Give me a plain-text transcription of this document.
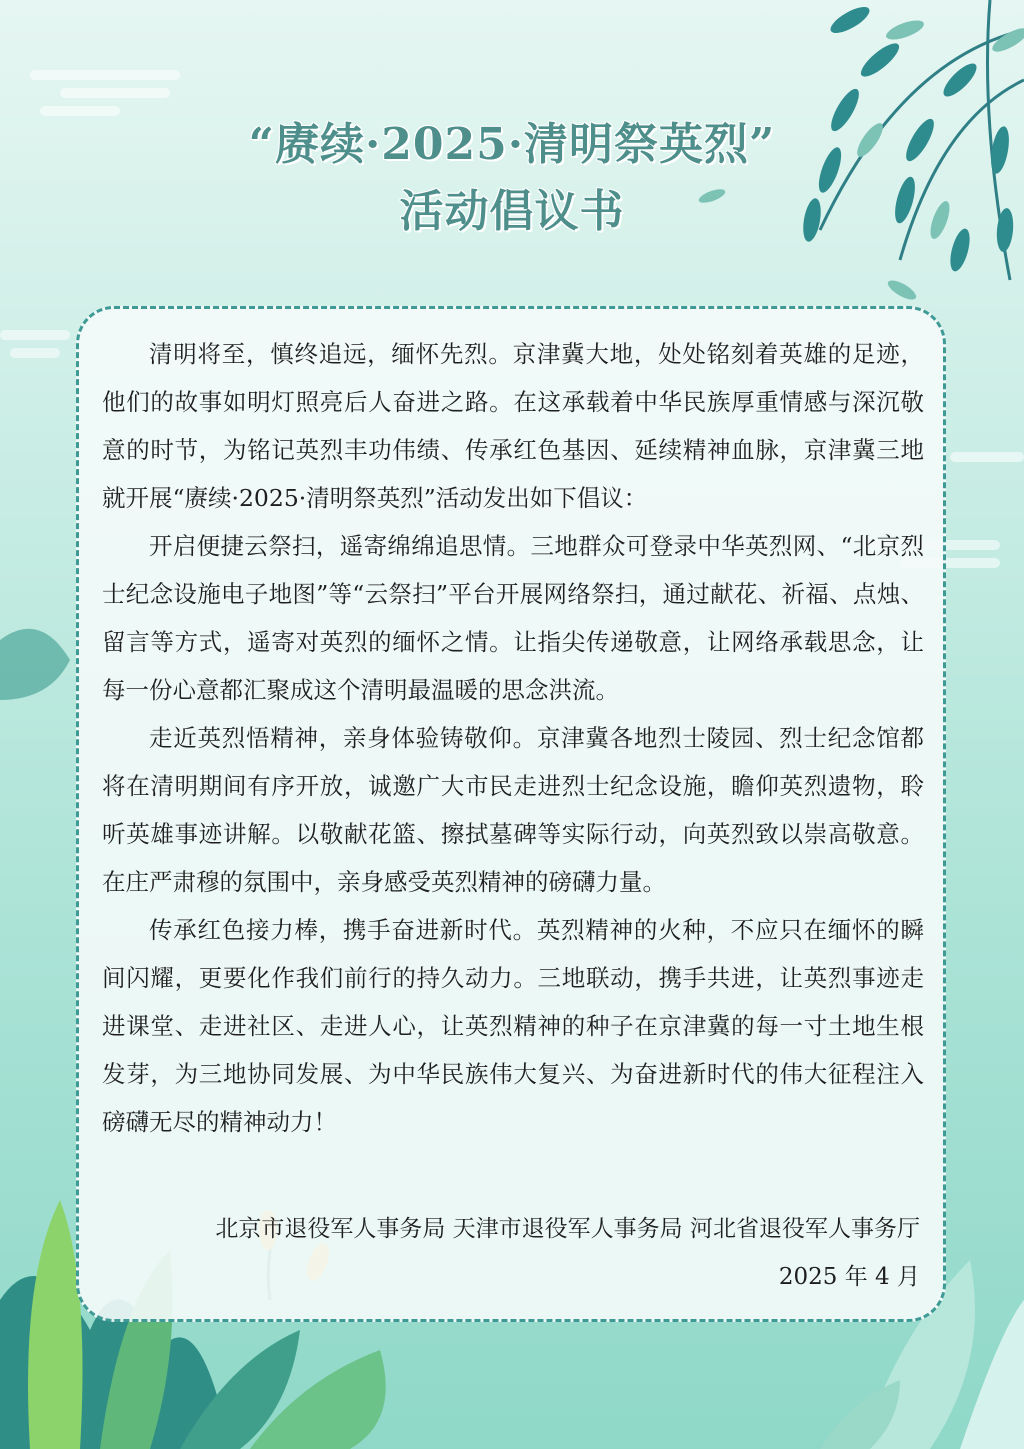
“赓续·2025·清明祭英烈”
活动倡议书

清明将至，慎终追远，缅怀先烈。京津冀大地，处处铭刻着英雄的足迹，他们的故事如明灯照亮后人奋进之路。在这承载着中华民族厚重情感与深沉敬意的时节，为铭记英烈丰功伟绩、传承红色基因、延续精神血脉，京津冀三地就开展“赓续·2025·清明祭英烈”活动发出如下倡议：

开启便捷云祭扫，遥寄绵绵追思情。三地群众可登录中华英烈网、“北京烈士纪念设施电子地图”等“云祭扫”平台开展网络祭扫，通过献花、祈福、点烛、留言等方式，遥寄对英烈的缅怀之情。让指尖传递敬意，让网络承载思念，让每一份心意都汇聚成这个清明最温暖的思念洪流。

走近英烈悟精神，亲身体验铸敬仰。京津冀各地烈士陵园、烈士纪念馆都将在清明期间有序开放，诚邀广大市民走进烈士纪念设施，瞻仰英烈遗物，聆听英雄事迹讲解。以敬献花篮、擦拭墓碑等实际行动，向英烈致以崇高敬意。在庄严肃穆的氛围中，亲身感受英烈精神的磅礴力量。

传承红色接力棒，携手奋进新时代。英烈精神的火种，不应只在缅怀的瞬间闪耀，更要化作我们前行的持久动力。三地联动，携手共进，让英烈事迹走进课堂、走进社区、走进人心，让英烈精神的种子在京津冀的每一寸土地生根发芽，为三地协同发展、为中华民族伟大复兴、为奋进新时代的伟大征程注入磅礴无尽的精神动力！

北京市退役军人事务局 天津市退役军人事务局 河北省退役军人事务厅
2025 年 4 月
